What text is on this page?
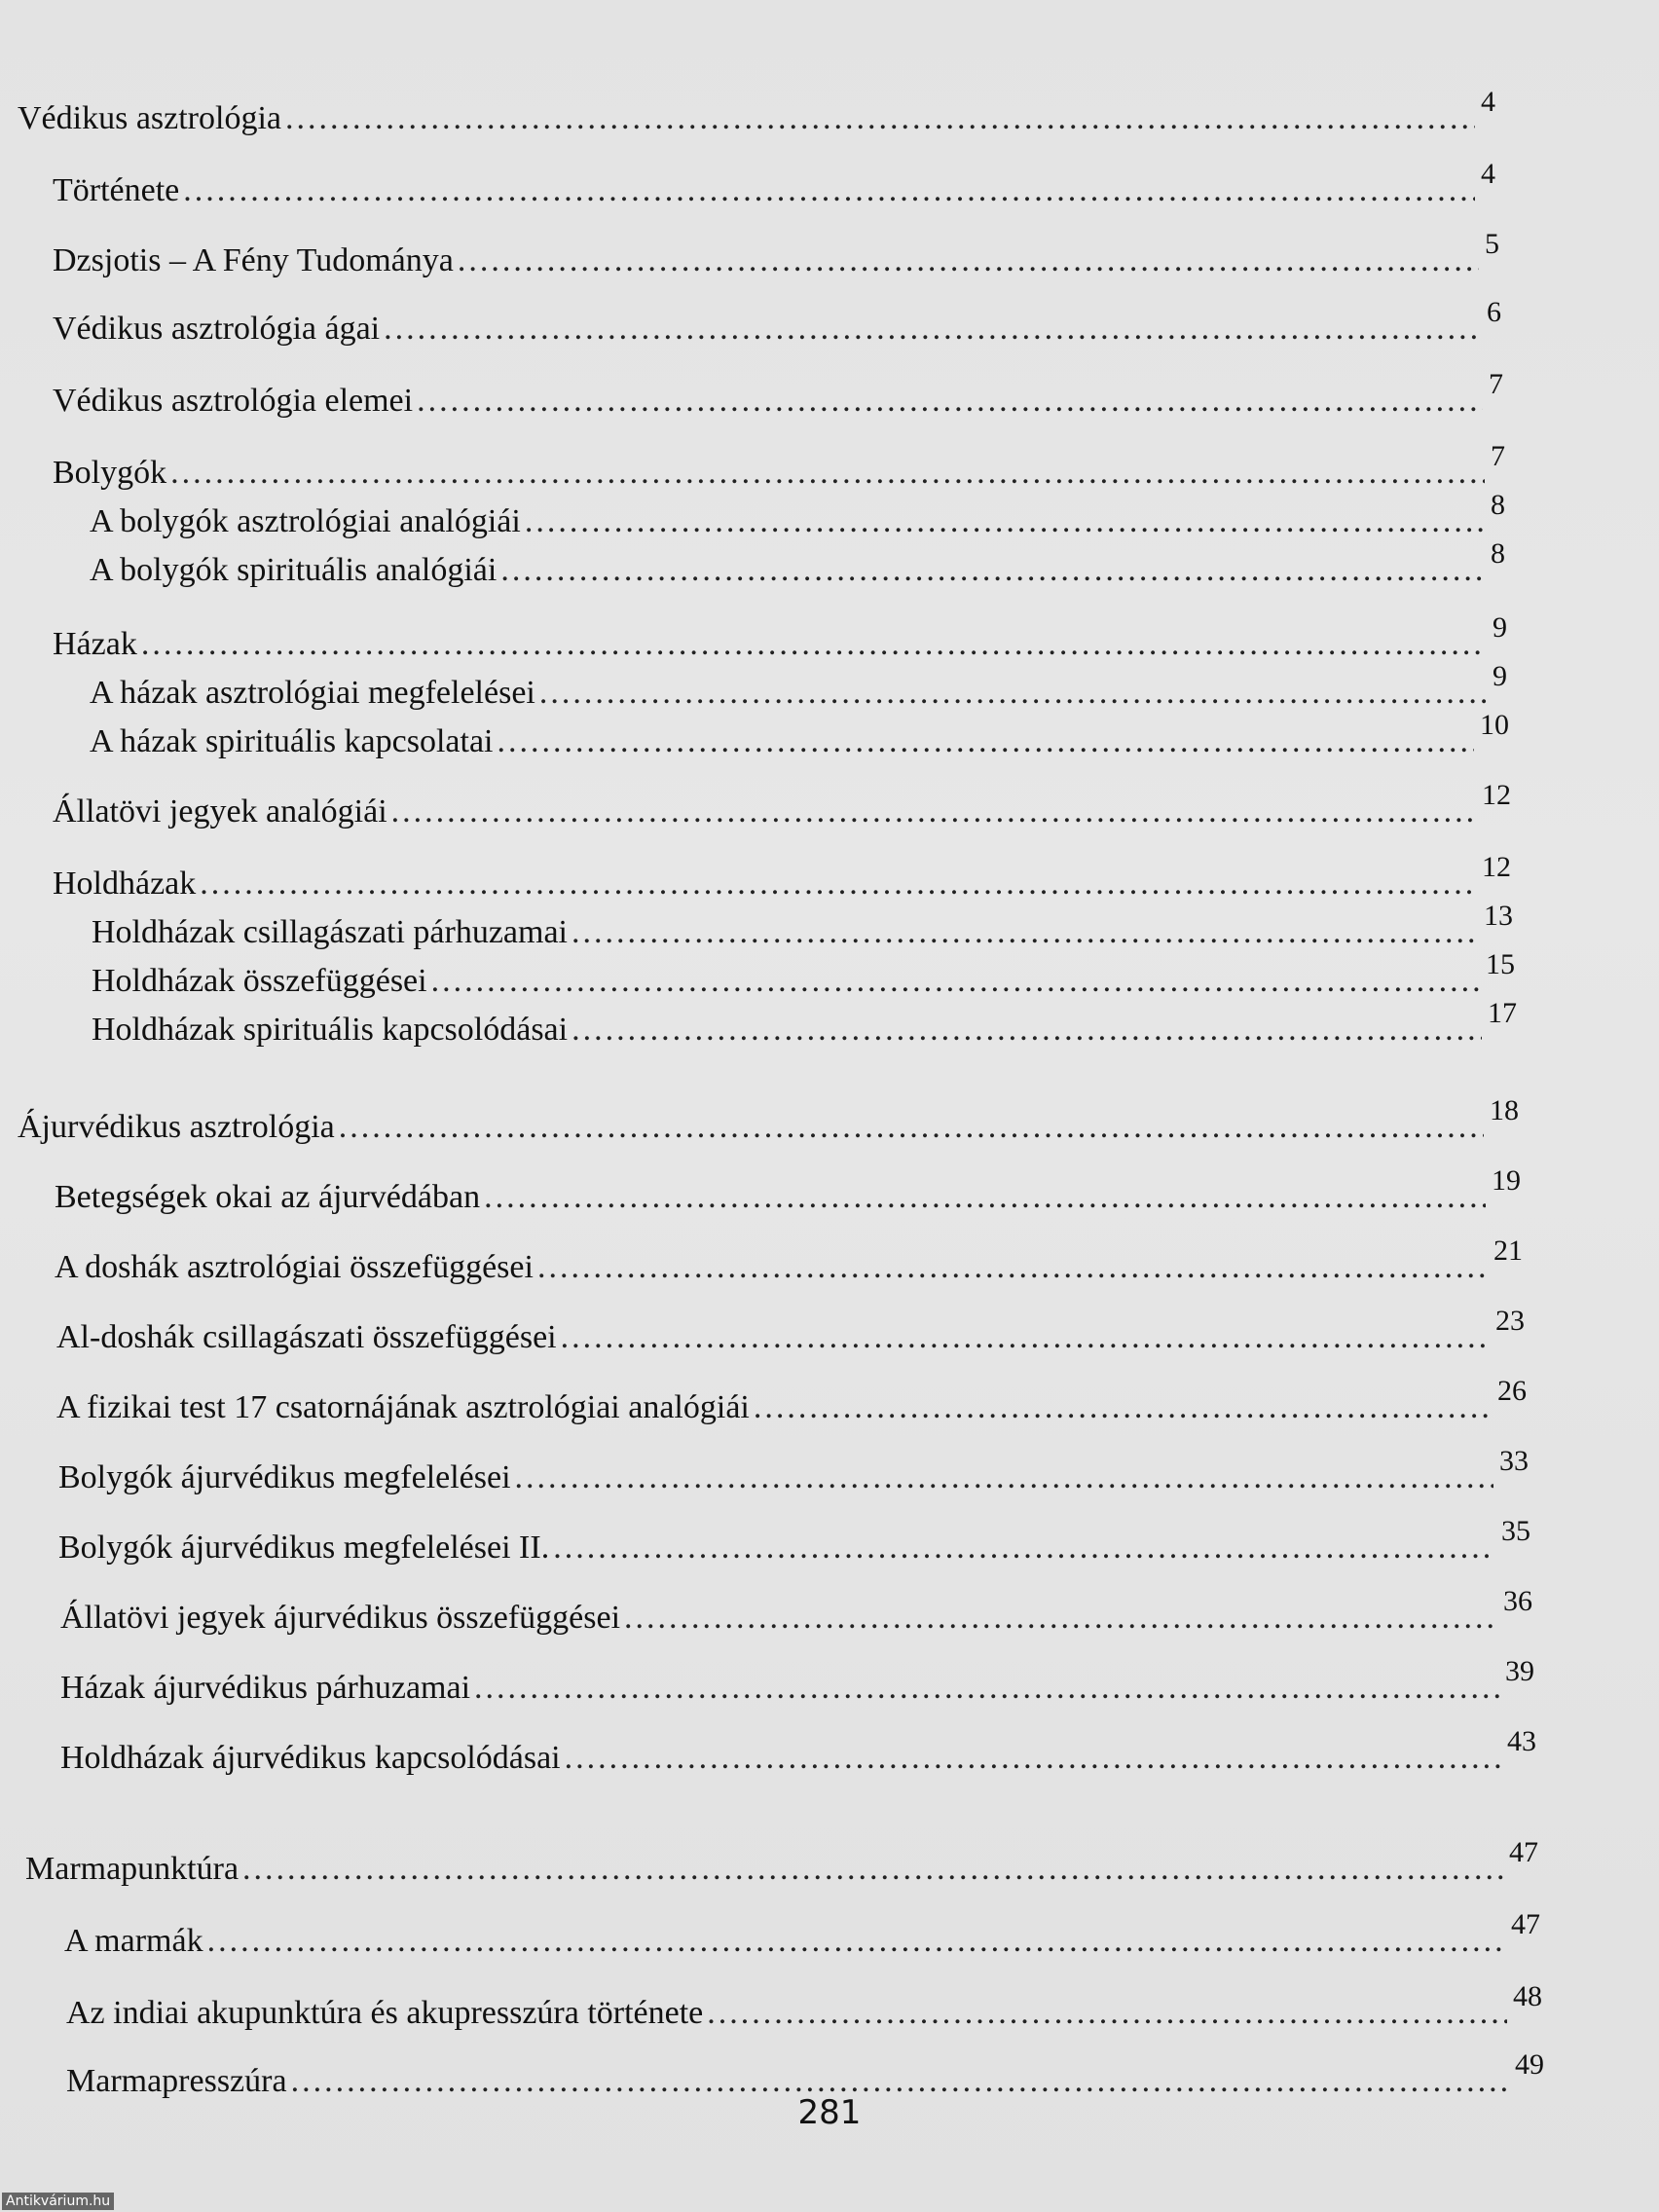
Védikus asztrológia .....	4
Története .....	4
Dzsjotis – A Fény Tudománya .....	5
Védikus asztrológia ágai .....	6
Védikus asztrológia elemei .....	7
Bolygók .....	7
A bolygók asztrológiai analógiái .....	8
A bolygók spirituális analógiái .....	8
Házak .....	9
A házak asztrológiai megfelelései .....	9
A házak spirituális kapcsolatai .....	10
Állatövi jegyek analógiái .....	12
Holdházak .....	12
Holdházak csillagászati párhuzamai .....	13
Holdházak összefüggései .....	15
Holdházak spirituális kapcsolódásai .....	17
Ájurvédikus asztrológia .....	18
Betegségek okai az ájurvédában .....	19
A doshák asztrológiai összefüggései .....	21
Al-doshák csillagászati összefüggései .....	23
A fizikai test 17 csatornájának asztrológiai analógiái .....	26
Bolygók ájurvédikus megfelelései .....	33
Bolygók ájurvédikus megfelelései II. .....	35
Állatövi jegyek ájurvédikus összefüggései .....	36
Házak ájurvédikus párhuzamai .....	39
Holdházak ájurvédikus kapcsolódásai .....	43
Marmapunktúra .....	47
A marmák .....	47
Az indiai akupunktúra és akupresszúra története .....	48
Marmapresszúra .....	49
281
Antikvárium.hu
